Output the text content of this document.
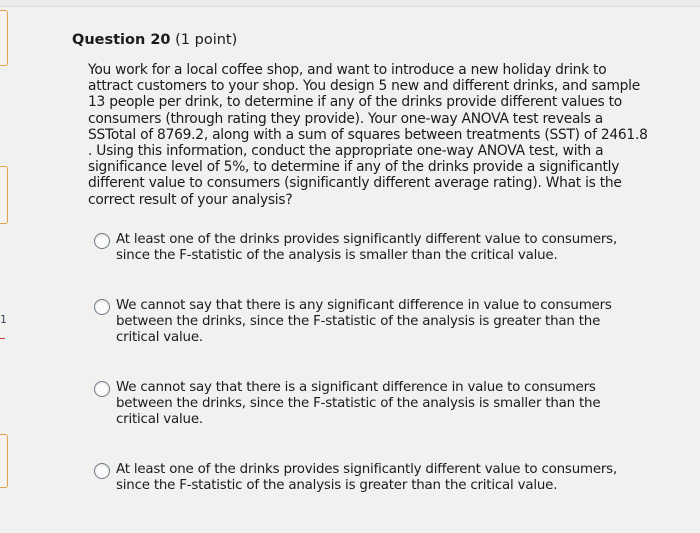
1
Question 20 (1 point)
You work for a local coffee shop, and want to introduce a new holiday drink to attract customers to your shop. You design 5 new and different drinks, and sample 13 people per drink, to determine if any of the drinks provide different values to consumers (through rating they provide). Your one-way ANOVA test reveals a SSTotal of 8769.2, along with a sum of squares between treatments (SST) of 2461.8 . Using this information, conduct the appropriate one-way ANOVA test, with a significance level of 5%, to determine if any of the drinks provide a significantly different value to consumers (significantly different average rating). What is the correct result of your analysis?
At least one of the drinks provides significantly different value to consumers, since the F-statistic of the analysis is smaller than the critical value.
We cannot say that there is any significant difference in value to consumers between the drinks, since the F-statistic of the analysis is greater than the critical value.
We cannot say that there is a significant difference in value to consumers between the drinks, since the F-statistic of the analysis is smaller than the critical value.
At least one of the drinks provides significantly different value to consumers, since the F-statistic of the analysis is greater than the critical value.
